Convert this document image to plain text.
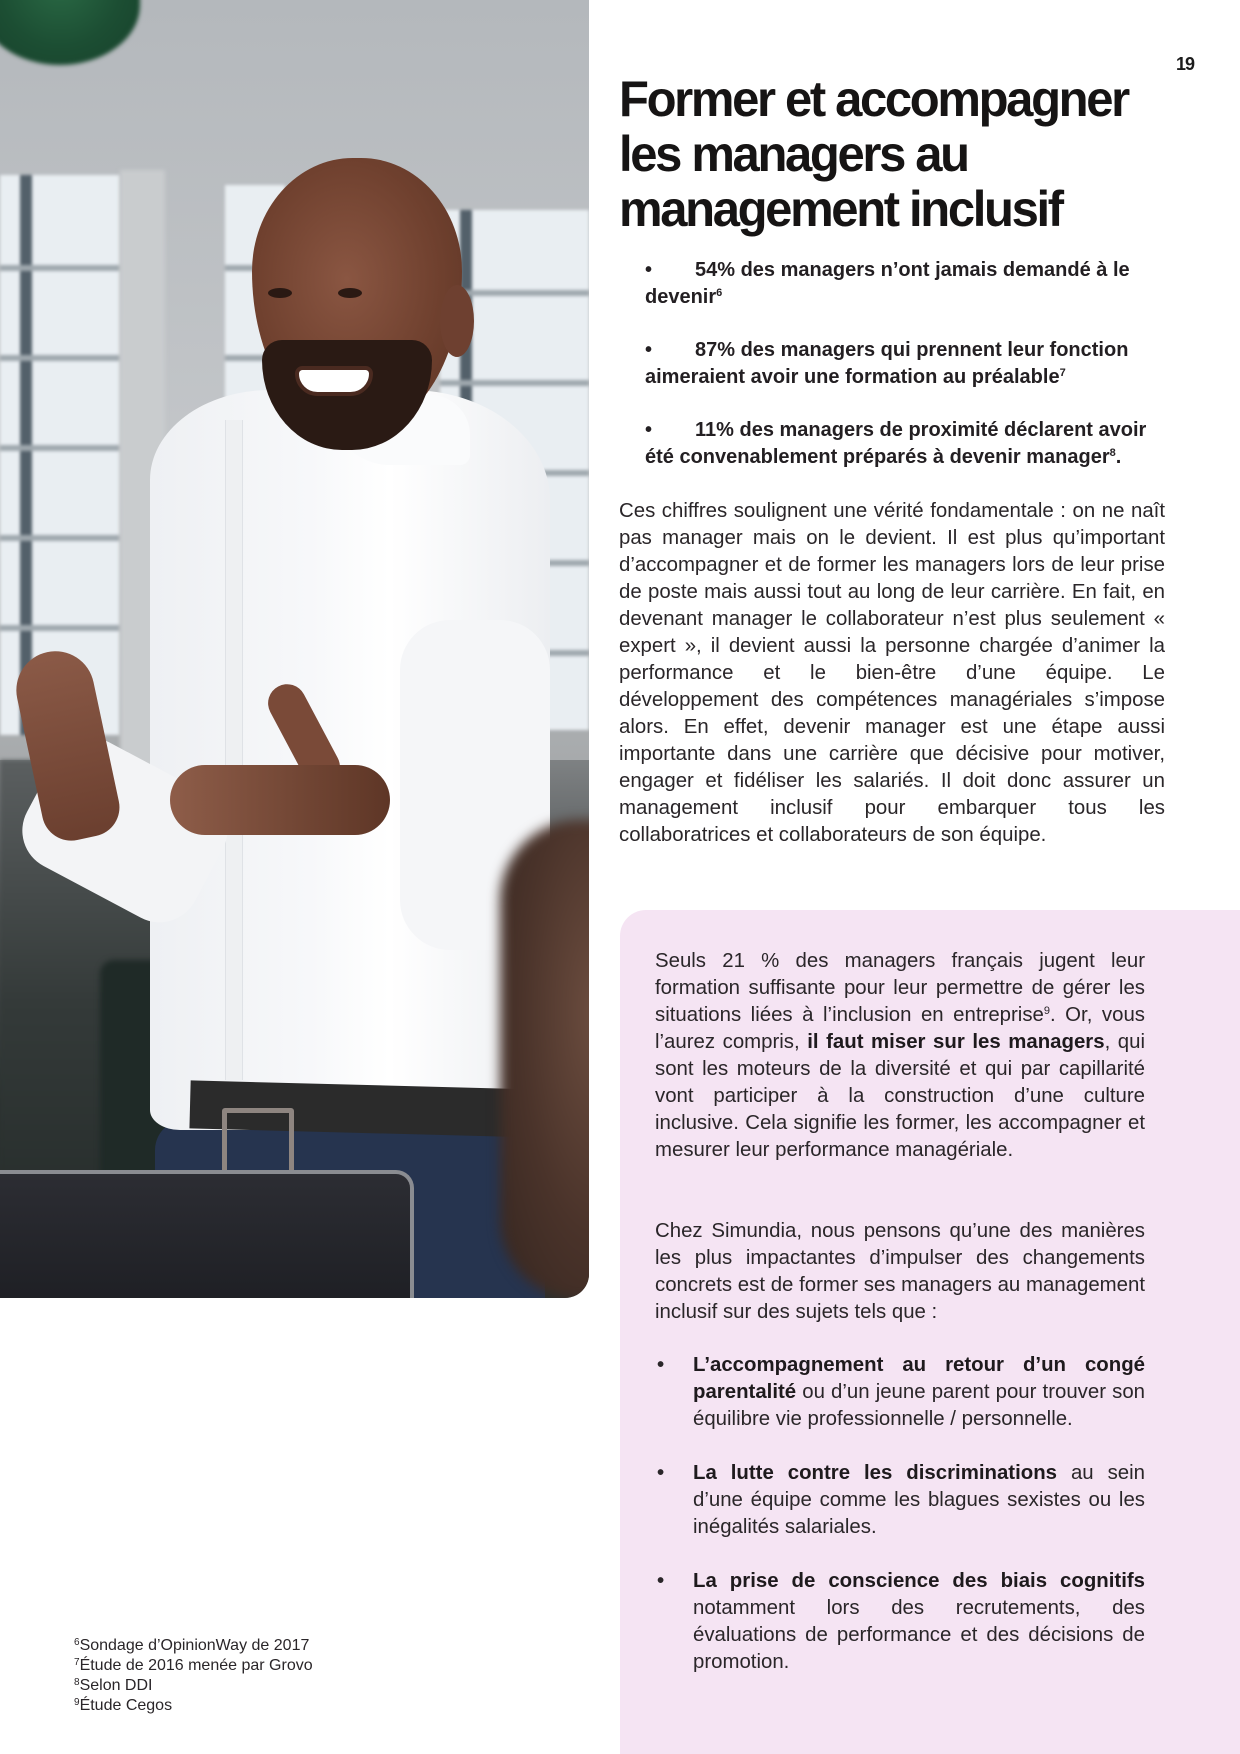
19
Former et accompagner
les managers au
management inclusif
• 54% des managers n’ont jamais demandé à le devenir$^6$
• 87% des managers qui prennent leur fonction aimeraient avoir une formation au préalable$^7$
• 11% des managers de proximité déclarent avoir été convenablement préparés à devenir manager$^8$.

Ces chiffres soulignent une vérité fondamentale : on ne naît pas manager mais on le devient. Il est plus qu’important d’accompagner et de former les managers lors de leur prise de poste mais aussi tout au long de leur carrière. En fait, en devenant manager le collaborateur n’est plus seulement « expert », il devient aussi la personne chargée d’animer la performance et le bien-être d’une équipe. Le développement des compétences managériales s’impose alors. En effet, devenir manager est une étape aussi importante dans une carrière que décisive pour motiver, engager et fidéliser les salariés. Il doit donc assurer un management inclusif pour embarquer tous les collaboratrices et collaborateurs de son équipe.

Seuls 21 % des managers français jugent leur formation suffisante pour leur permettre de gérer les situations liées à l’inclusion en entreprise$^9$. Or, vous l’aurez compris, il faut miser sur les managers, qui sont les moteurs de la diversité et qui par capillarité vont participer à la construction d’une culture inclusive. Cela signifie les former, les accompagner et mesurer leur performance managériale.

Chez Simundia, nous pensons qu’une des manières les plus impactantes d’impulser des changements concrets est de former ses managers au management inclusif sur des sujets tels que :

• L’accompagnement au retour d’un congé parentalité ou d’un jeune parent pour trouver son équilibre vie professionnelle / personnelle.
• La lutte contre les discriminations au sein d’une équipe comme les blagues sexistes ou les inégalités salariales.
• La prise de conscience des biais cognitifs notamment lors des recrutements, des évaluations de performance et des décisions de promotion.
$^6$Sondage d’OpinionWay de 2017
$^7$Étude de 2016 menée par Grovo
$^8$Selon DDI
$^9$Étude Cegos
